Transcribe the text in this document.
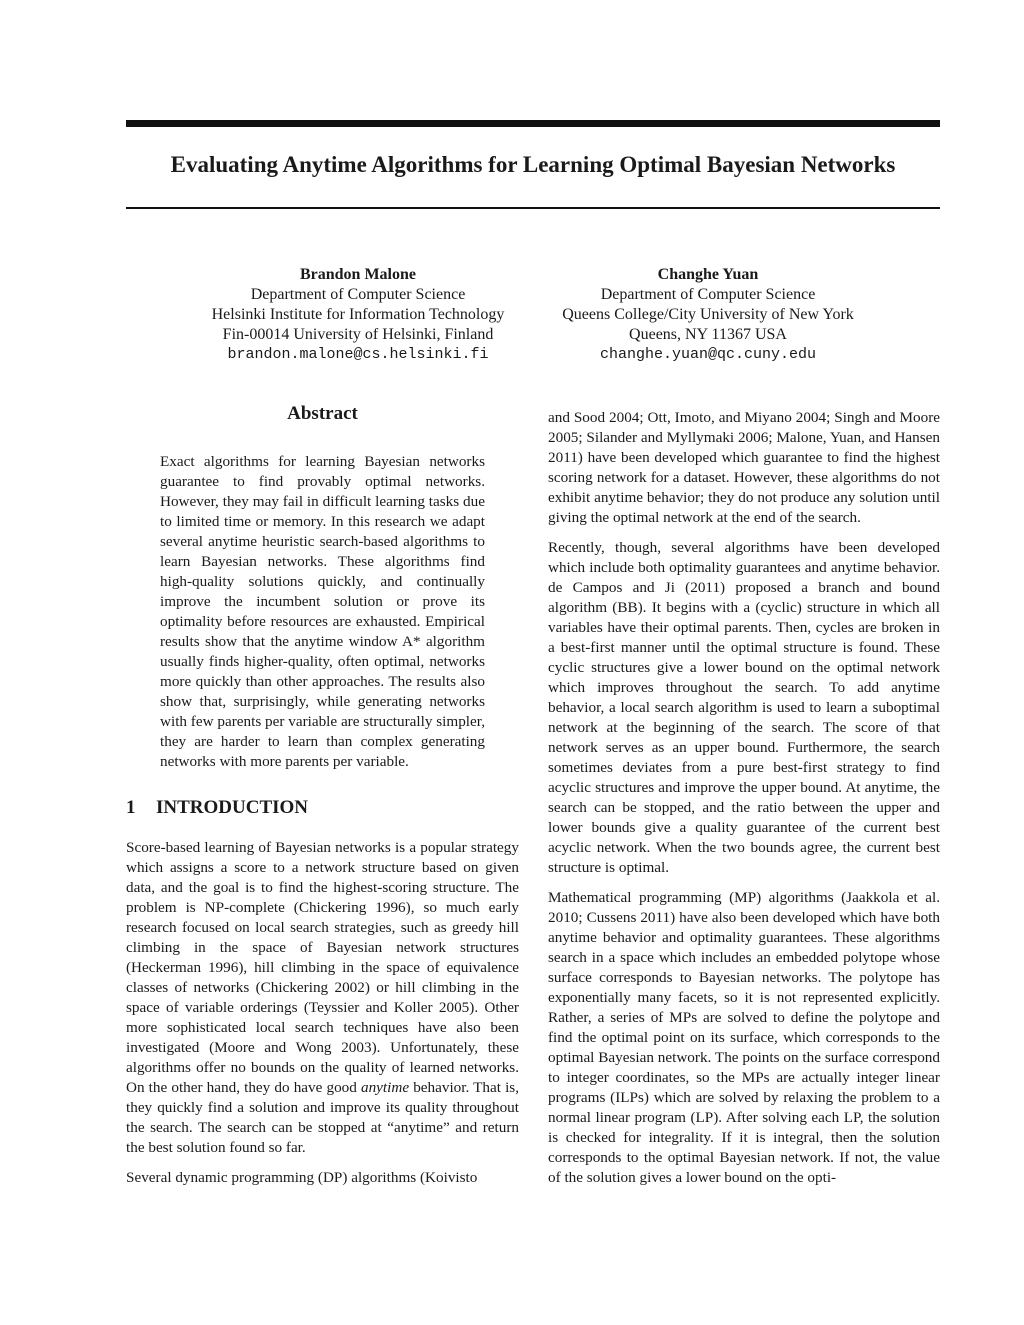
Evaluating Anytime Algorithms for Learning Optimal Bayesian Networks
Brandon Malone
Department of Computer Science
Helsinki Institute for Information Technology
Fin-00014 University of Helsinki, Finland
brandon.malone@cs.helsinki.fi
Changhe Yuan
Department of Computer Science
Queens College/City University of New York
Queens, NY 11367 USA
changhe.yuan@qc.cuny.edu
Abstract

Exact algorithms for learning Bayesian networks guarantee to find provably optimal networks. However, they may fail in difficult learning tasks due to limited time or memory. In this research we adapt several anytime heuristic search-based algorithms to learn Bayesian networks. These algorithms find high-quality solutions quickly, and continually improve the incumbent solution or prove its optimality before resources are exhausted. Empirical results show that the anytime window A* algorithm usually finds higher-quality, often optimal, networks more quickly than other approaches. The results also show that, surprisingly, while generating networks with few parents per variable are structurally simpler, they are harder to learn than complex generating networks with more parents per variable.

1 INTRODUCTION

Score-based learning of Bayesian networks is a popular strategy which assigns a score to a network structure based on given data, and the goal is to find the highest-scoring structure. The problem is NP-complete (Chickering 1996), so much early research focused on local search strategies, such as greedy hill climbing in the space of Bayesian network structures (Heckerman 1996), hill climbing in the space of equivalence classes of networks (Chickering 2002) or hill climbing in the space of variable orderings (Teyssier and Koller 2005). Other more sophisticated local search techniques have also been investigated (Moore and Wong 2003). Unfortunately, these algorithms offer no bounds on the quality of learned networks. On the other hand, they do have good anytime behavior. That is, they quickly find a solution and improve its quality throughout the search. The search can be stopped at “anytime” and return the best solution found so far.

Several dynamic programming (DP) algorithms (Koivisto

and Sood 2004; Ott, Imoto, and Miyano 2004; Singh and Moore 2005; Silander and Myllymaki 2006; Malone, Yuan, and Hansen 2011) have been developed which guarantee to find the highest scoring network for a dataset. However, these algorithms do not exhibit anytime behavior; they do not produce any solution until giving the optimal network at the end of the search.

Recently, though, several algorithms have been developed which include both optimality guarantees and anytime behavior. de Campos and Ji (2011) proposed a branch and bound algorithm (BB). It begins with a (cyclic) structure in which all variables have their optimal parents. Then, cycles are broken in a best-first manner until the optimal structure is found. These cyclic structures give a lower bound on the optimal network which improves throughout the search. To add anytime behavior, a local search algorithm is used to learn a suboptimal network at the beginning of the search. The score of that network serves as an upper bound. Furthermore, the search sometimes deviates from a pure best-first strategy to find acyclic structures and improve the upper bound. At anytime, the search can be stopped, and the ratio between the upper and lower bounds give a quality guarantee of the current best acyclic network. When the two bounds agree, the current best structure is optimal.

Mathematical programming (MP) algorithms (Jaakkola et al. 2010; Cussens 2011) have also been developed which have both anytime behavior and optimality guarantees. These algorithms search in a space which includes an embedded polytope whose surface corresponds to Bayesian networks. The polytope has exponentially many facets, so it is not represented explicitly. Rather, a series of MPs are solved to define the polytope and find the optimal point on its surface, which corresponds to the optimal Bayesian network. The points on the surface correspond to integer coordinates, so the MPs are actually integer linear programs (ILPs) which are solved by relaxing the problem to a normal linear program (LP). After solving each LP, the solution is checked for integrality. If it is integral, then the solution corresponds to the optimal Bayesian network. If not, the value of the solution gives a lower bound on the opti-
